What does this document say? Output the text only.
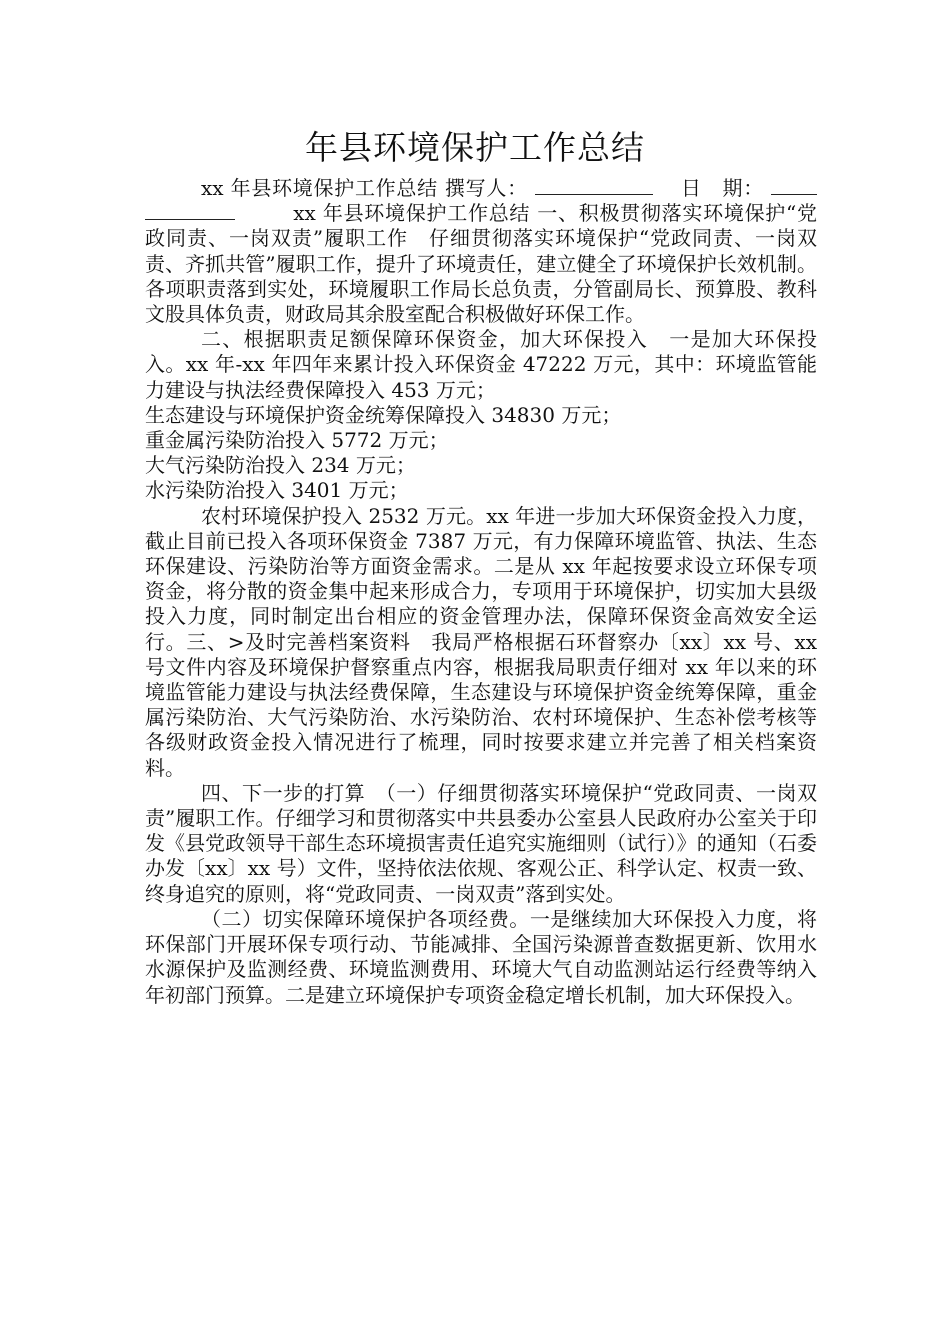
年县环境保护工作总结

xx 年县环境保护工作总结 撰写人：	日　期：    xx 年县环境保护工作总结 一、积极贯彻落实环境保护“党政同责、一岗双责”履职工作　仔细贯彻落实环境保护“党政同责、一岗双责、齐抓共管”履职工作，提升了环境责任，建立健全了环境保护长效机制。各项职责落到实处，环境履职工作局长总负责，分管副局长、预算股、教科文股具体负责，财政局其余股室配合积极做好环保工作。

二、根据职责足额保障环保资金，加大环保投入　一是加大环保投入。xx 年-xx 年四年来累计投入环保资金 47222 万元，其中：环境监管能力建设与执法经费保障投入 453 万元；

生态建设与环境保护资金统筹保障投入 34830 万元；

重金属污染防治投入 5772 万元；

大气污染防治投入 234 万元；

水污染防治投入 3401 万元；

农村环境保护投入 2532 万元。xx 年进一步加大环保资金投入力度，截止目前已投入各项环保资金 7387 万元，有力保障环境监管、执法、生态环保建设、污染防治等方面资金需求。二是从 xx 年起按要求设立环保专项资金，将分散的资金集中起来形成合力，专项用于环境保护，切实加大县级投入力度，同时制定出台相应的资金管理办法，保障环保资金高效安全运行。三、>及时完善档案资料　我局严格根据石环督察办〔xx〕xx 号、xx 号文件内容及环境保护督察重点内容，根据我局职责仔细对 xx 年以来的环境监管能力建设与执法经费保障，生态建设与环境保护资金统筹保障，重金属污染防治、大气污染防治、水污染防治、农村环境保护、生态补偿考核等各级财政资金投入情况进行了梳理，同时按要求建立并完善了相关档案资料。

四、下一步的打算　（一）仔细贯彻落实环境保护“党政同责、一岗双责”履职工作。仔细学习和贯彻落实中共县委办公室县人民政府办公室关于印发《县党政领导干部生态环境损害责任追究实施细则（试行）》的通知（石委办发〔xx〕xx 号）文件，坚持依法依规、客观公正、科学认定、权责一致、终身追究的原则，将“党政同责、一岗双责”落到实处。

（二）切实保障环境保护各项经费。一是继续加大环保投入力度，将环保部门开展环保专项行动、节能减排、全国污染源普查数据更新、饮用水水源保护及监测经费、环境监测费用、环境大气自动监测站运行经费等纳入年初部门预算。二是建立环境保护专项资金稳定增长机制，加大环保投入。
